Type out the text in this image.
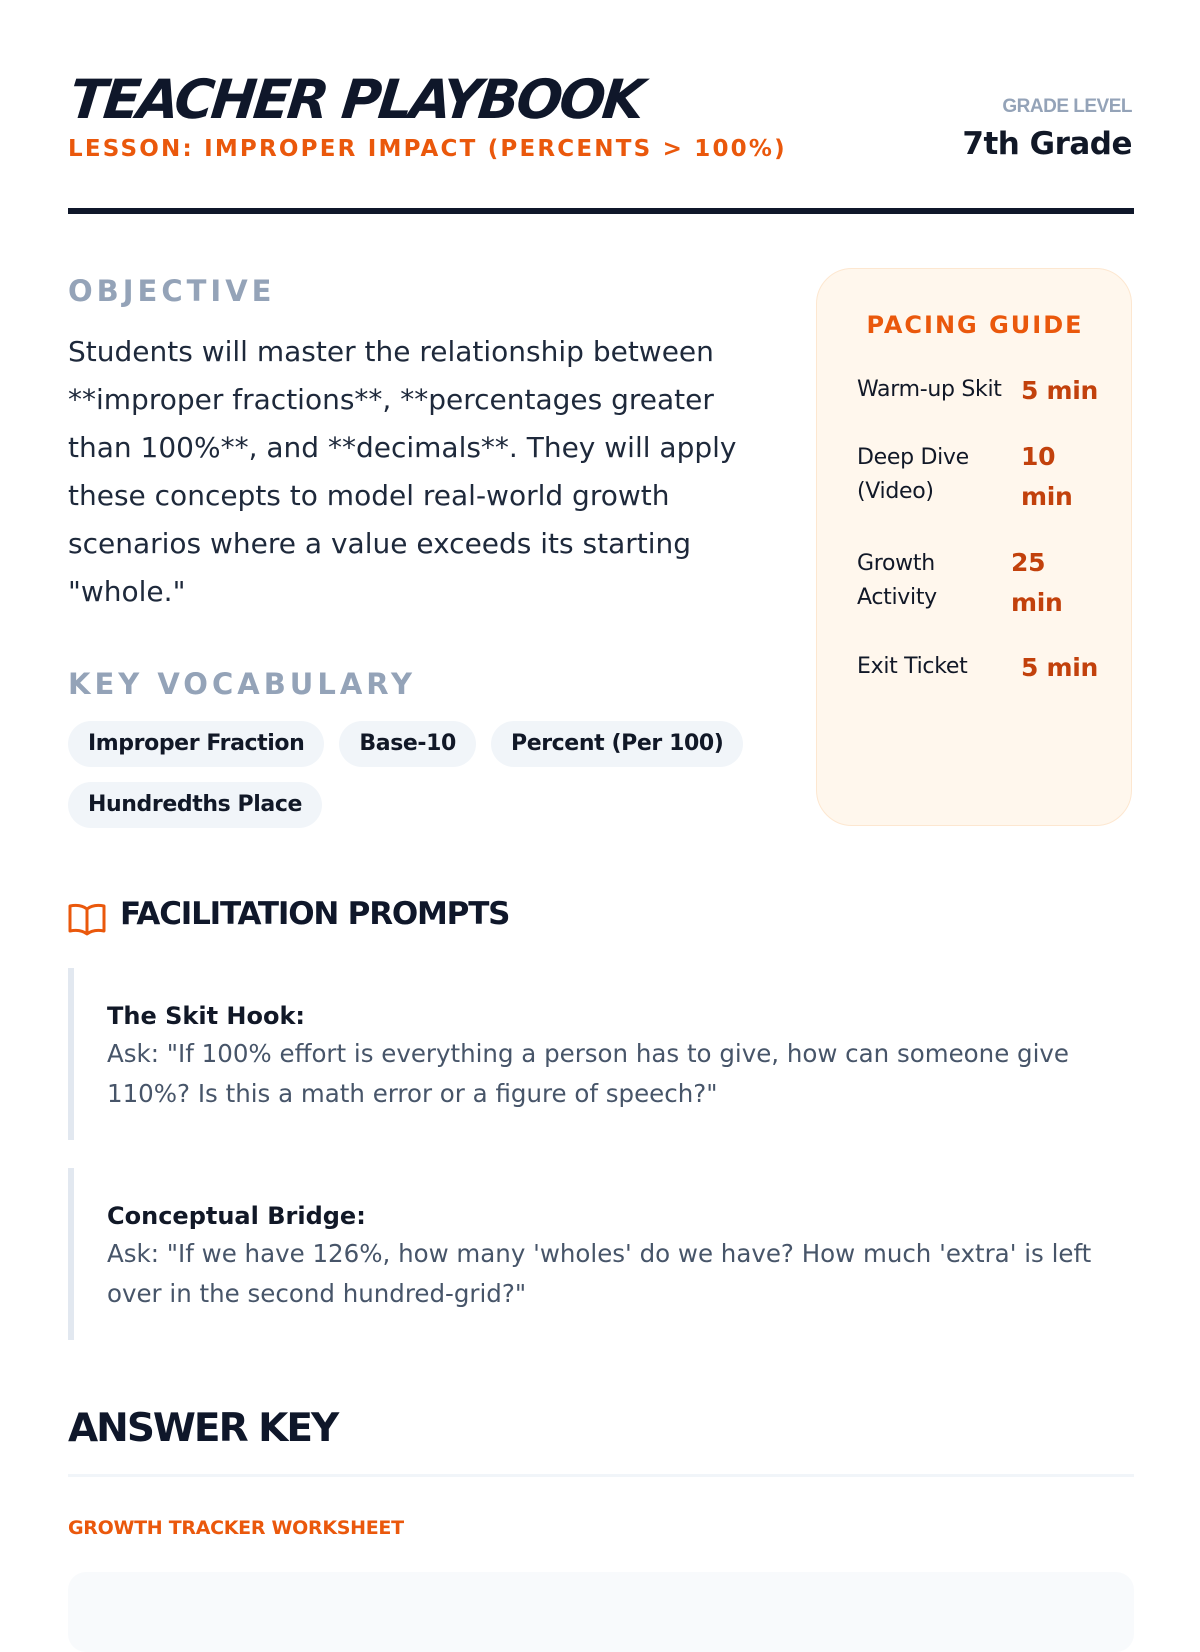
TEACHER PLAYBOOK
LESSON: IMPROPER IMPACT (PERCENTS > 100%)
GRADE LEVEL
7th Grade
OBJECTIVE
Students will master the relationship between **improper fractions**, **percentages greater than 100%**, and **decimals**. They will apply these concepts to model real-world growth scenarios where a value exceeds its starting "whole."
KEY VOCABULARY
Improper Fraction	Base-10	Percent (Per 100)
Hundredths Place
PACING GUIDE
Warm-up Skit 5 min
Deep Dive (Video)
10 min
Growth Activity
25 min
Exit Ticket 5 min
FACILITATION PROMPTS
The Skit Hook:
Ask: "If 100% effort is everything a person has to give, how can someone give 110%? Is this a math error or a figure of speech?"
Conceptual Bridge:
Ask: "If we have 126%, how many 'wholes' do we have? How much 'extra' is left over in the second hundred-grid?"
ANSWER KEY
GROWTH TRACKER WORKSHEET
